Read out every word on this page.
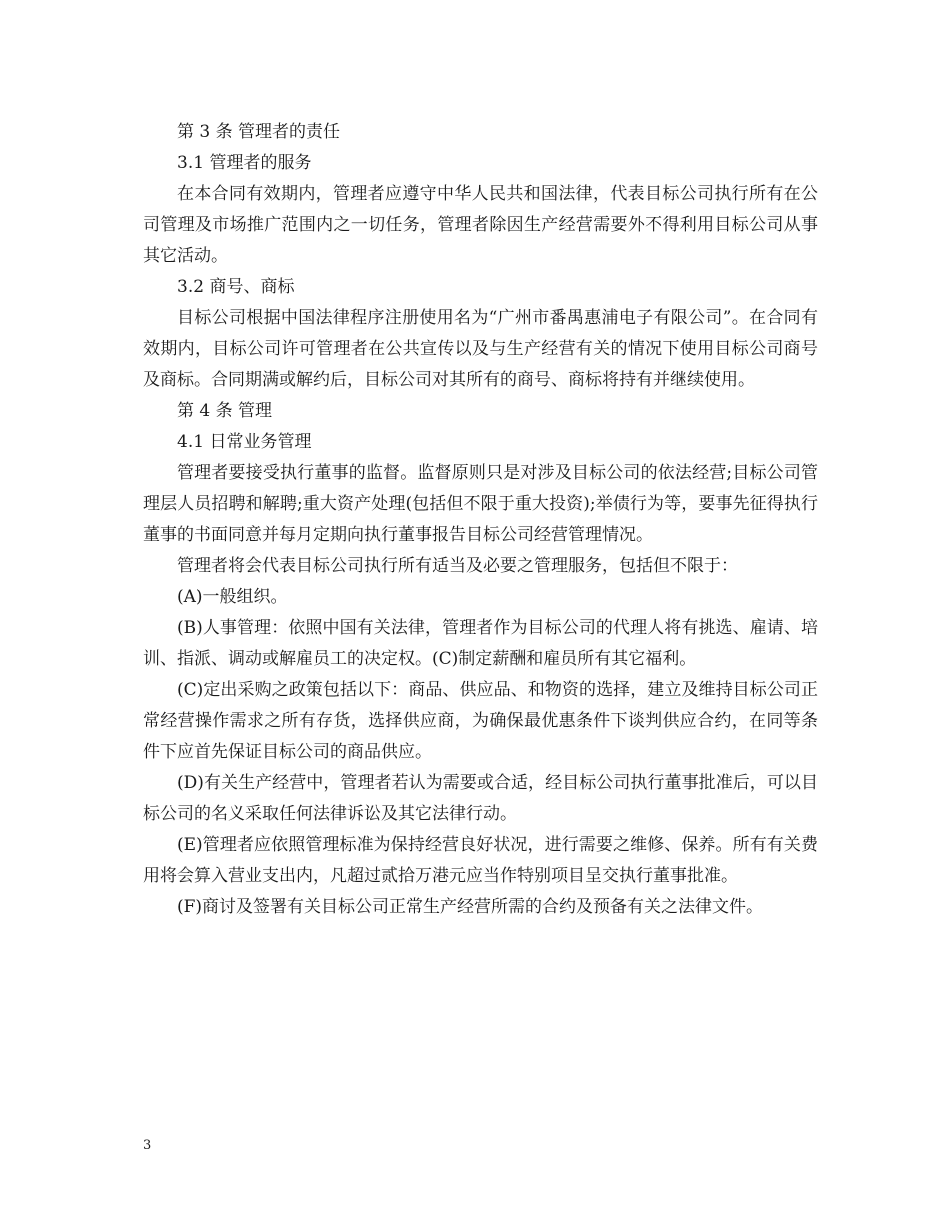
第 3 条 管理者的责任

3.1 管理者的服务

在本合同有效期内，管理者应遵守中华人民共和国法律，代表目标公司执行所有在公司管理及市场推广范围内之一切任务，管理者除因生产经营需要外不得利用目标公司从事其它活动。

3.2 商号、商标

目标公司根据中国法律程序注册使用名为“广州市番禺惠浦电子有限公司”。在合同有效期内，目标公司许可管理者在公共宣传以及与生产经营有关的情况下使用目标公司商号及商标。合同期满或解约后，目标公司对其所有的商号、商标将持有并继续使用。

第 4 条 管理

4.1 日常业务管理

管理者要接受执行董事的监督。监督原则只是对涉及目标公司的依法经营;目标公司管理层人员招聘和解聘;重大资产处理(包括但不限于重大投资);举债行为等，要事先征得执行董事的书面同意并每月定期向执行董事报告目标公司经营管理情况。

管理者将会代表目标公司执行所有适当及必要之管理服务，包括但不限于：

(A)一般组织。

(B)人事管理：依照中国有关法律，管理者作为目标公司的代理人将有挑选、雇请、培训、指派、调动或解雇员工的决定权。(C)制定薪酬和雇员所有其它福利。

(C)定出采购之政策包括以下：商品、供应品、和物资的选择，建立及维持目标公司正常经营操作需求之所有存货，选择供应商，为确保最优惠条件下谈判供应合约，在同等条件下应首先保证目标公司的商品供应。

(D)有关生产经营中，管理者若认为需要或合适，经目标公司执行董事批准后，可以目标公司的名义采取任何法律诉讼及其它法律行动。

(E)管理者应依照管理标准为保持经营良好状况，进行需要之维修、保养。所有有关费用将会算入营业支出内，凡超过贰拾万港元应当作特别项目呈交执行董事批准。

(F)商讨及签署有关目标公司正常生产经营所需的合约及预备有关之法律文件。

3
